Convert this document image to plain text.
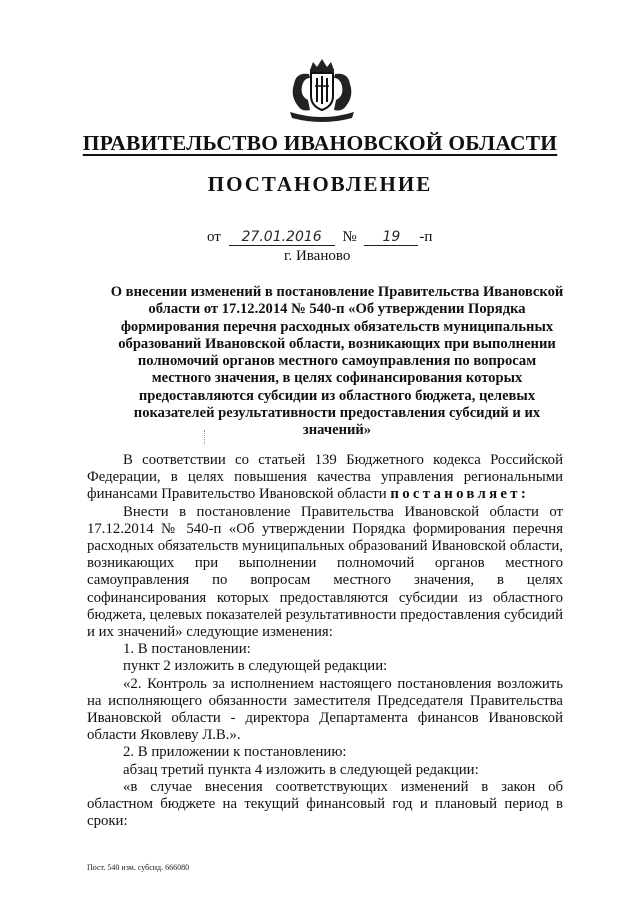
ПРАВИТЕЛЬСТВО ИВАНОВСКОЙ ОБЛАСТИ
ПОСТАНОВЛЕНИЕ
от 27.01.2016 № 19 -п
г. Иваново
О внесении изменений в постановление Правительства Ивановской области от 17.12.2014 № 540-п «Об утверждении Порядка формирования перечня расходных обязательств муниципальных образований Ивановской области, возникающих при выполнении полномочий органов местного самоуправления по вопросам местного значения, в целях софинансирования которых предоставляются субсидии из областного бюджета, целевых показателей результативности предоставления субсидий и их значений»

В соответствии со статьей 139 Бюджетного кодекса Российской Федерации, в целях повышения качества управления региональными финансами Правительство Ивановской области постановляет:

Внести в постановление Правительства Ивановской области от 17.12.2014 № 540-п «Об утверждении Порядка формирования перечня расходных обязательств муниципальных образований Ивановской области, возникающих при выполнении полномочий органов местного самоуправления по вопросам местного значения, в целях софинансирования которых предоставляются субсидии из областного бюджета, целевых показателей результативности предоставления субсидий и их значений» следующие изменения:

1. В постановлении:

пункт 2 изложить в следующей редакции:

«2. Контроль за исполнением настоящего постановления возложить на исполняющего обязанности заместителя Председателя Правительства Ивановской области - директора Департамента финансов Ивановской области Яковлеву Л.В.».

2. В приложении к постановлению:

абзац третий пункта 4 изложить в следующей редакции:

«в случае внесения соответствующих изменений в закон об областном бюджете на текущий финансовый год и плановый период в сроки:

Пост. 540 изм. субсид. 666080
